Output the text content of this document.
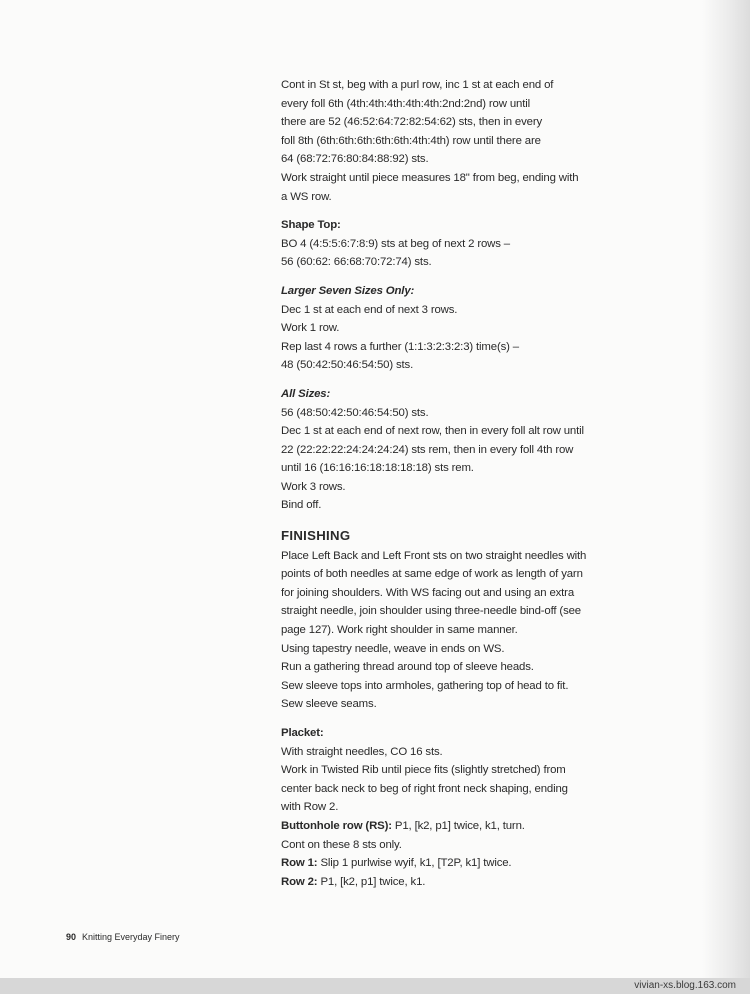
Cont in St st, beg with a purl row, inc 1 st at each end of
every foll 6th (4th:4th:4th:4th:4th:2nd:2nd) row until
there are 52 (46:52:64:72:82:54:62) sts, then in every
foll 8th (6th:6th:6th:6th:6th:4th:4th) row until there are
64 (68:72:76:80:84:88:92) sts.
Work straight until piece measures 18" from beg, ending with
a WS row.
Shape Top:
BO 4 (4:5:5:6:7:8:9) sts at beg of next 2 rows –
56 (60:62: 66:68:70:72:74) sts.
Larger Seven Sizes Only:
Dec 1 st at each end of next 3 rows.
Work 1 row.
Rep last 4 rows a further (1:1:3:2:3:2:3) time(s) –
48 (50:42:50:46:54:50) sts.
All Sizes:
56 (48:50:42:50:46:54:50) sts.
Dec 1 st at each end of next row, then in every foll alt row until
22 (22:22:22:24:24:24:24) sts rem, then in every foll 4th row
until 16 (16:16:16:18:18:18:18) sts rem.
Work 3 rows.
Bind off.
FINISHING
Place Left Back and Left Front sts on two straight needles with
points of both needles at same edge of work as length of yarn
for joining shoulders. With WS facing out and using an extra
straight needle, join shoulder using three-needle bind-off (see
page 127). Work right shoulder in same manner.
Using tapestry needle, weave in ends on WS.
Run a gathering thread around top of sleeve heads.
Sew sleeve tops into armholes, gathering top of head to fit.
Sew sleeve seams.
Placket:
With straight needles, CO 16 sts.
Work in Twisted Rib until piece fits (slightly stretched) from
center back neck to beg of right front neck shaping, ending
with Row 2.
Buttonhole row (RS): P1, [k2, p1] twice, k1, turn.
Cont on these 8 sts only.
Row 1: Slip 1 purlwise wyif, k1, [T2P, k1] twice.
Row 2: P1, [k2, p1] twice, k1.
90 Knitting Everyday Finery
vivian-xs.blog.163.com
